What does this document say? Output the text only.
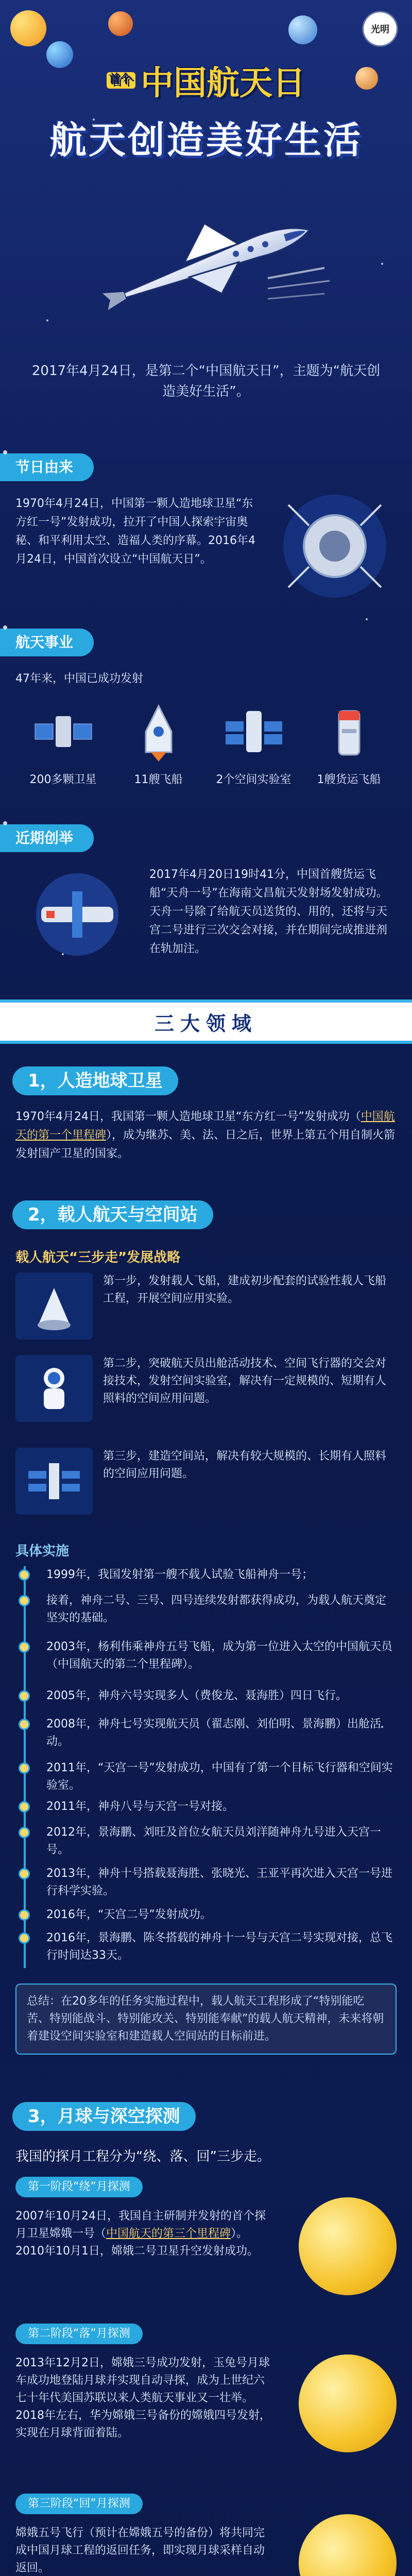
光明
首个 中国航天日
航天创造美好生活
2017年4月24日，是第二个“中国航天日”，主题为“航天创造美好生活”。
节日由来
1970年4月24日，中国第一颗人造地球卫星“东方红一号”发射成功，拉开了中国人探索宇宙奥秘、和平利用太空、造福人类的序幕。2016年4月24日，中国首次设立“中国航天日”。
航天事业
47年来，中国已成功发射
200多颗卫星	11艘飞船	2个空间实验室	1艘货运飞船
近期创举
2017年4月20日19时41分，中国首艘货运飞船“天舟一号”在海南文昌航天发射场发射成功。天舟一号除了给航天员送货的、用的，还将与天宫二号进行三次交会对接，并在期间完成推进剂在轨加注。
三大领域
1，人造地球卫星
1970年4月24日，我国第一颗人造地球卫星“东方红一号”发射成功（中国航天的第一个里程碑），成为继苏、美、法、日之后，世界上第五个用自制火箭发射国产卫星的国家。
2，载人航天与空间站
载人航天“三步走”发展战略
第一步，发射载人飞船，建成初步配套的试验性载人飞船工程，开展空间应用实验。
第二步，突破航天员出舱活动技术、空间飞行器的交会对接技术，发射空间实验室，解决有一定规模的、短期有人照料的空间应用问题。
第三步，建造空间站，解决有较大规模的、长期有人照料的空间应用问题。
具体实施
1999年，我国发射第一艘不载人试验飞船神舟一号；
接着，神舟二号、三号、四号连续发射都获得成功，为载人航天奠定坚实的基础。
2003年，杨利伟乘神舟五号飞船，成为第一位进入太空的中国航天员（中国航天的第二个里程碑）。
2005年，神舟六号实现多人（费俊龙、聂海胜）四日飞行。
2008年，神舟七号实现航天员（翟志刚、刘伯明、景海鹏）出舱活动。
2011年，“天宫一号”发射成功，中国有了第一个目标飞行器和空间实验室。
2011年，神舟八号与天宫一号对接。
2012年，景海鹏、刘旺及首位女航天员刘洋随神舟九号进入天宫一号。
2013年，神舟十号搭载聂海胜、张晓光、王亚平再次进入天宫一号进行科学实验。
2016年，“天宫二号”发射成功。
2016年，景海鹏、陈冬搭载的神舟十一号与天宫二号实现对接，总飞行时间达33天。
总结：在20多年的任务实施过程中，载人航天工程形成了“特别能吃苦、特别能战斗、特别能攻关、特别能奉献”的载人航天精神，未来将朝着建设空间实验室和建造载人空间站的目标前进。
3，月球与深空探测
我国的探月工程分为“绕、落、回”三步走。
第一阶段“绕”月探测
2007年10月24日，我国自主研制并发射的首个探月卫星嫦娥一号（中国航天的第三个里程碑）。2010年10月1日，嫦娥二号卫星升空发射成功。
第二阶段“落”月探测
2013年12月2日，嫦娥三号成功发射，玉兔号月球车成功地登陆月球并实现自动寻探，成为上世纪六七十年代美国苏联以来人类航天事业又一壮举。2018年左右，华为嫦娥三号备份的嫦娥四号发射，实现在月球背面着陆。
第三阶段“回”月探测
嫦娥五号飞行（预计在嫦娥五号的备份）将共同完成中国月球工程的返回任务，即实现月球采样自动返回。
